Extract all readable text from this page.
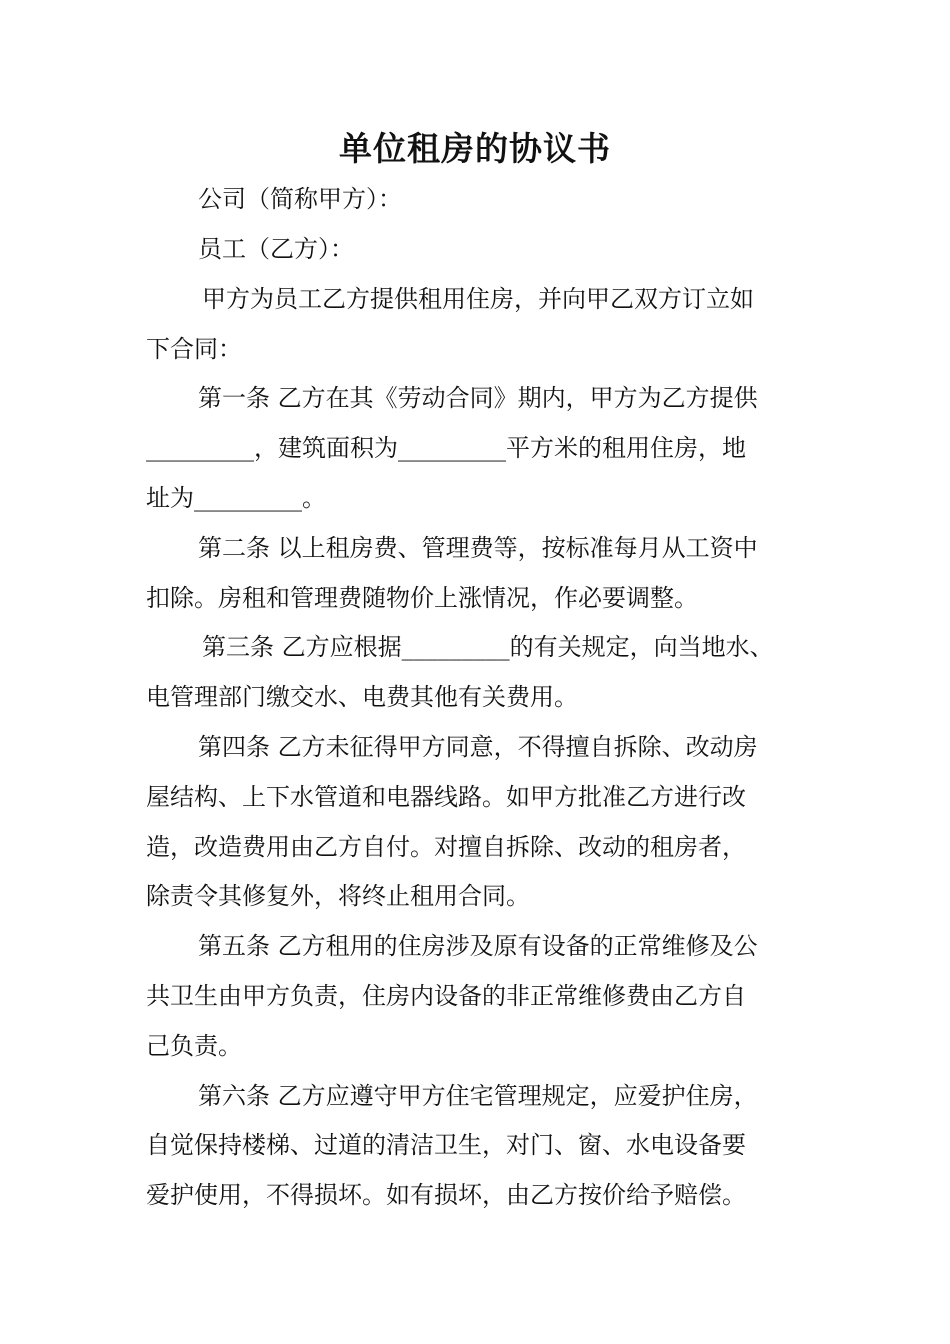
单位租房的协议书

公司（简称甲方）：

员工（乙方）：

甲方为员工乙方提供租用住房，并向甲乙双方订立如

下合同：

第一条 乙方在其《劳动合同》期内，甲方为乙方提供

_________，建筑面积为_________平方米的租用住房，地

址为_________。

第二条 以上租房费、管理费等，按标准每月从工资中

扣除。房租和管理费随物价上涨情况，作必要调整。

第三条 乙方应根据_________的有关规定，向当地水、

电管理部门缴交水、电费其他有关费用。

第四条 乙方未征得甲方同意，不得擅自拆除、改动房

屋结构、上下水管道和电器线路。如甲方批准乙方进行改

造，改造费用由乙方自付。对擅自拆除、改动的租房者，

除责令其修复外，将终止租用合同。

第五条 乙方租用的住房涉及原有设备的正常维修及公

共卫生由甲方负责，住房内设备的非正常维修费由乙方自

己负责。

第六条 乙方应遵守甲方住宅管理规定，应爱护住房，

自觉保持楼梯、过道的清洁卫生，对门、窗、水电设备要

爱护使用，不得损坏。如有损坏，由乙方按价给予赔偿。
